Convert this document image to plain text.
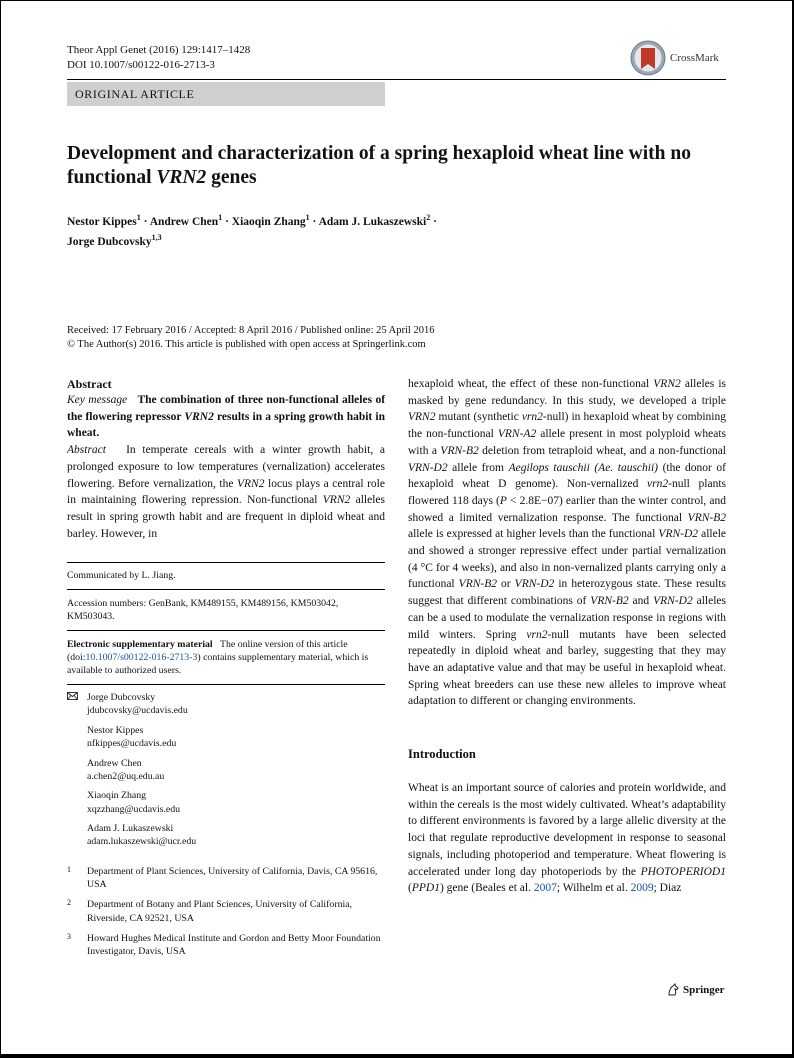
Theor Appl Genet (2016) 129:1417–1428
DOI 10.1007/s00122-016-2713-3
CrossMark
ORIGINAL ARTICLE
Development and characterization of a spring hexaploid wheat line with no functional VRN2 genes
Nestor Kippes$^1$ · Andrew Chen$^1$ · Xiaoqin Zhang$^1$ · Adam J. Lukaszewski$^2$ ·
Jorge Dubcovsky$^{1,3}$
Received: 17 February 2016 / Accepted: 8 April 2016 / Published online: 25 April 2016
© The Author(s) 2016. This article is published with open access at Springerlink.com
Abstract

Key message The combination of three non-functional alleles of the flowering repressor VRN2 results in a spring growth habit in wheat.

Abstract In temperate cereals with a winter growth habit, a prolonged exposure to low temperatures (vernalization) accelerates flowering. Before vernalization, the VRN2 locus plays a central role in maintaining flowering repression. Non-functional VRN2 alleles result in spring growth habit and are frequent in diploid wheat and barley. However, in

Communicated by L. Jiang.
Accession numbers: GenBank, KM489155, KM489156, KM503042, KM503043.
Electronic supplementary material The online version of this article (doi:10.1007/s00122-016-2713-3) contains supplementary material, which is available to authorized users.
Jorge Dubcovsky
jdubcovsky@ucdavis.edu
Nestor Kippes
nfkippes@ucdavis.edu
Andrew Chen
a.chen2@uq.edu.au
Xiaoqin Zhang
xqzzhang@ucdavis.edu
Adam J. Lukaszewski
adam.lukaszewski@ucr.edu
1 Department of Plant Sciences, University of California, Davis, CA 95616, USA
2 Department of Botany and Plant Sciences, University of California, Riverside, CA 92521, USA
3 Howard Hughes Medical Institute and Gordon and Betty Moor Foundation Investigator, Davis, USA

hexaploid wheat, the effect of these non-functional VRN2 alleles is masked by gene redundancy. In this study, we developed a triple VRN2 mutant (synthetic vrn2-null) in hexaploid wheat by combining the non-functional VRN-A2 allele present in most polyploid wheats with a VRN-B2 deletion from tetraploid wheat, and a non-functional VRN-D2 allele from Aegilops tauschii (Ae. tauschii) (the donor of hexaploid wheat D genome). Non-vernalized vrn2-null plants flowered 118 days (P < 2.8E−07) earlier than the winter control, and showed a limited vernalization response. The functional VRN-B2 allele is expressed at higher levels than the functional VRN-D2 allele and showed a stronger repressive effect under partial vernalization (4 °C for 4 weeks), and also in non-vernalized plants carrying only a functional VRN-B2 or VRN-D2 in heterozygous state. These results suggest that different combinations of VRN-B2 and VRN-D2 alleles can be a used to modulate the vernalization response in regions with mild winters. Spring vrn2-null mutants have been selected repeatedly in diploid wheat and barley, suggesting that they may have an adaptative value and that may be useful in hexaploid wheat. Spring wheat breeders can use these new alleles to improve wheat adaptation to different or changing environments.

Introduction

Wheat is an important source of calories and protein worldwide, and within the cereals is the most widely cultivated. Wheat’s adaptability to different environments is favored by a large allelic diversity at the loci that regulate reproductive development in response to seasonal signals, including photoperiod and temperature. Wheat flowering is accelerated under long day photoperiods by the PHOTOPERIOD1 (PPD1) gene (Beales et al. 2007; Wilhelm et al. 2009; Diaz

Springer
